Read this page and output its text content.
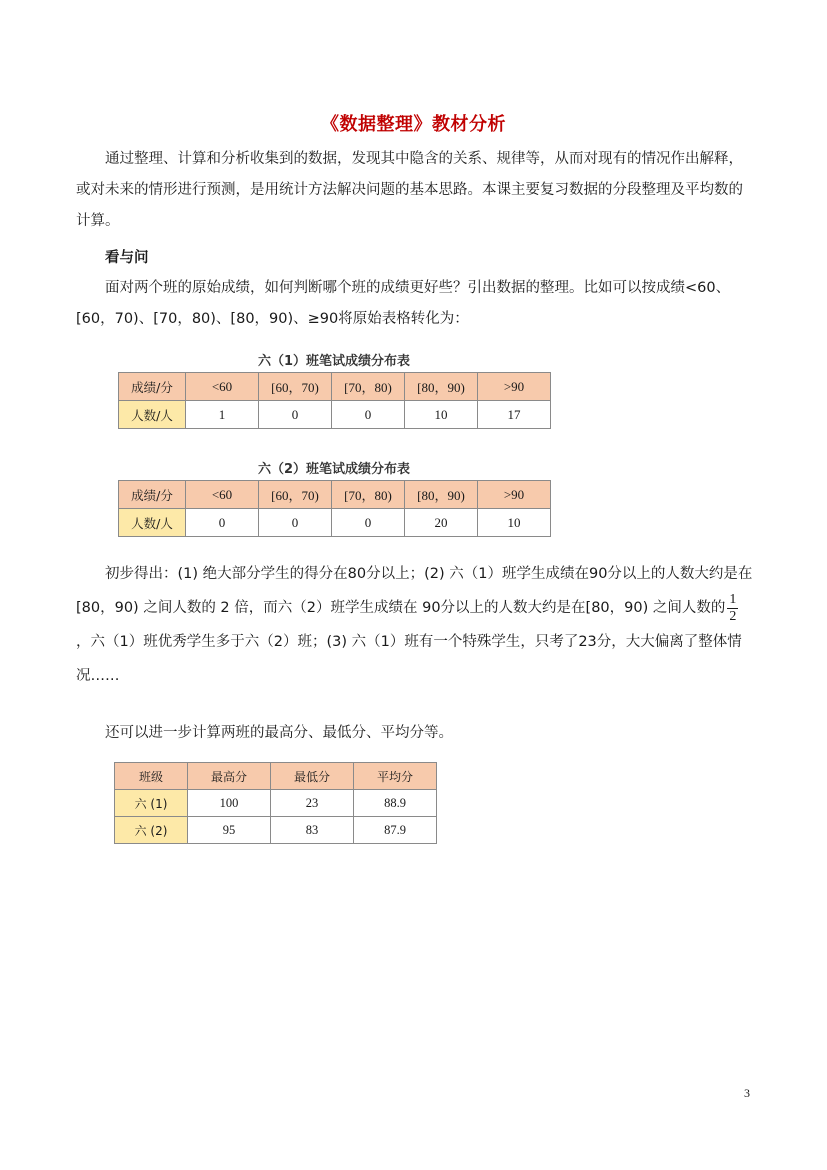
《数据整理》教材分析

通过整理、计算和分析收集到的数据，发现其中隐含的关系、规律等，从而对现有的情况作出解释，或对未来的情形进行预测，是用统计方法解决问题的基本思路。本课主要复习数据的分段整理及平均数的计算。

看与问

面对两个班的原始成绩，如何判断哪个班的成绩更好些？引出数据的整理。比如可以按成绩<60、[60，70)、[70，80)、[80，90)、≥90将原始表格转化为：

六（1）班笔试成绩分布表
成绩/分	<60	[60，70)	[70，80)	[80，90)	>90
人数/人	1	0	0	10	17
六（2）班笔试成绩分布表
成绩/分	<60	[60，70)	[70，80)	[80，90)	>90
人数/人	0	0	0	20	10

初步得出：(1) 绝大部分学生的得分在80分以上；(2) 六（1）班学生成绩在90分以上的人数大约是在[80，90) 之间人数的 2 倍，而六（2）班学生成绩在 90分以上的人数大约是在[80，90) 之间人数的 $\frac{1}{2}$
，六（1）班优秀学生多于六（2）班；(3) 六（1）班有一个特殊学生，只考了23分，大大偏离了整体情况……

还可以进一步计算两班的最高分、最低分、平均分等。

班级	最高分	最低分	平均分
六 (1)	100	23	88.9
六 (2)	95	83	87.9
3
